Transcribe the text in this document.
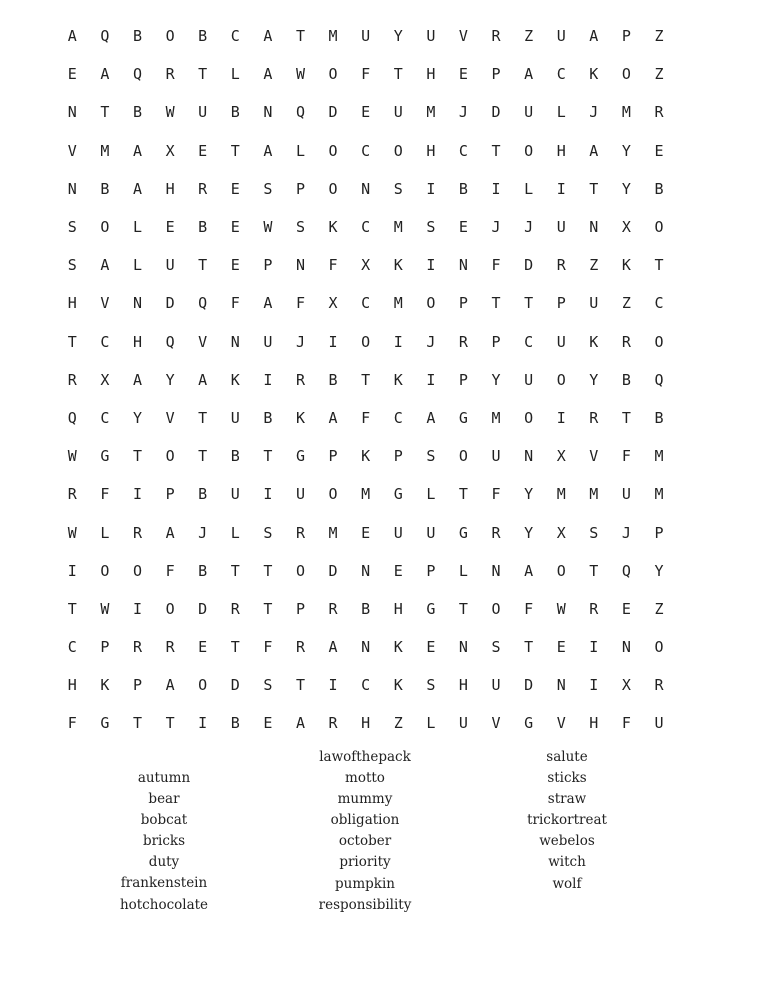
A	Q	B	O	B	C	A	T	M	U	Y	U	V	R	Z	U	A	P	Z
E	A	Q	R	T	L	A	W	O	F	T	H	E	P	A	C	K	O	Z
N	T	B	W	U	B	N	Q	D	E	U	M	J	D	U	L	J	M	R
V	M	A	X	E	T	A	L	O	C	O	H	C	T	O	H	A	Y	E
N	B	A	H	R	E	S	P	O	N	S	I	B	I	L	I	T	Y	B
S	O	L	E	B	E	W	S	K	C	M	S	E	J	J	U	N	X	O
S	A	L	U	T	E	P	N	F	X	K	I	N	F	D	R	Z	K	T
H	V	N	D	Q	F	A	F	X	C	M	O	P	T	T	P	U	Z	C
T	C	H	Q	V	N	U	J	I	O	I	J	R	P	C	U	K	R	O
R	X	A	Y	A	K	I	R	B	T	K	I	P	Y	U	O	Y	B	Q
Q	C	Y	V	T	U	B	K	A	F	C	A	G	M	O	I	R	T	B
W	G	T	O	T	B	T	G	P	K	P	S	O	U	N	X	V	F	M
R	F	I	P	B	U	I	U	O	M	G	L	T	F	Y	M	M	U	M
W	L	R	A	J	L	S	R	M	E	U	U	G	R	Y	X	S	J	P
I	O	O	F	B	T	T	O	D	N	E	P	L	N	A	O	T	Q	Y
T	W	I	O	D	R	T	P	R	B	H	G	T	O	F	W	R	E	Z
C	P	R	R	E	T	F	R	A	N	K	E	N	S	T	E	I	N	O
H	K	P	A	O	D	S	T	I	C	K	S	H	U	D	N	I	X	R
F	G	T	T	I	B	E	A	R	H	Z	L	U	V	G	V	H	F	U
autumn
bear
bobcat
bricks
duty
frankenstein
hotchocolate
lawofthepack
motto
mummy
obligation
october
priority
pumpkin
responsibility
salute
sticks
straw
trickortreat
webelos
witch
wolf
